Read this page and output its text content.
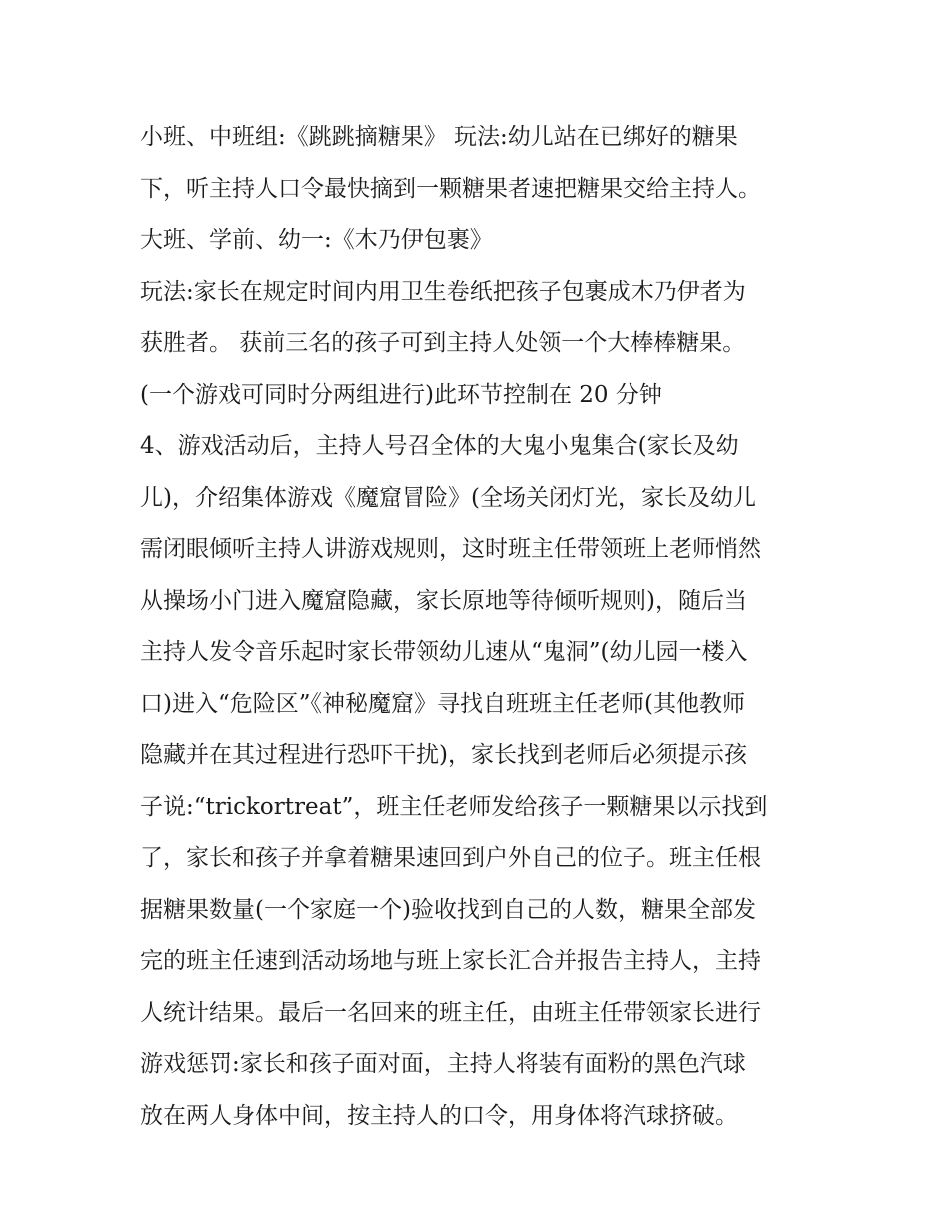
小班、中班组:《跳跳摘糖果》 玩法:幼儿站在已绑好的糖果
下，听主持人口令最快摘到一颗糖果者速把糖果交给主持人。
大班、学前、幼一:《木乃伊包裹》
玩法:家长在规定时间内用卫生卷纸把孩子包裹成木乃伊者为
获胜者。 获前三名的孩子可到主持人处领一个大棒棒糖果。
(一个游戏可同时分两组进行)此环节控制在 20 分钟
4、游戏活动后，主持人号召全体的大鬼小鬼集合(家长及幼
儿)，介绍集体游戏《魔窟冒险》(全场关闭灯光，家长及幼儿
需闭眼倾听主持人讲游戏规则，这时班主任带领班上老师悄然
从操场小门进入魔窟隐藏，家长原地等待倾听规则)，随后当
主持人发令音乐起时家长带领幼儿速从“鬼洞”(幼儿园一楼入
口)进入“危险区”《神秘魔窟》寻找自班班主任老师(其他教师
隐藏并在其过程进行恐吓干扰)，家长找到老师后必须提示孩
子说:“trickortreat”，班主任老师发给孩子一颗糖果以示找到
了，家长和孩子并拿着糖果速回到户外自己的位子。班主任根
据糖果数量(一个家庭一个)验收找到自己的人数，糖果全部发
完的班主任速到活动场地与班上家长汇合并报告主持人，主持
人统计结果。最后一名回来的班主任，由班主任带领家长进行
游戏惩罚:家长和孩子面对面，主持人将装有面粉的黑色汽球
放在两人身体中间，按主持人的口令，用身体将汽球挤破。
